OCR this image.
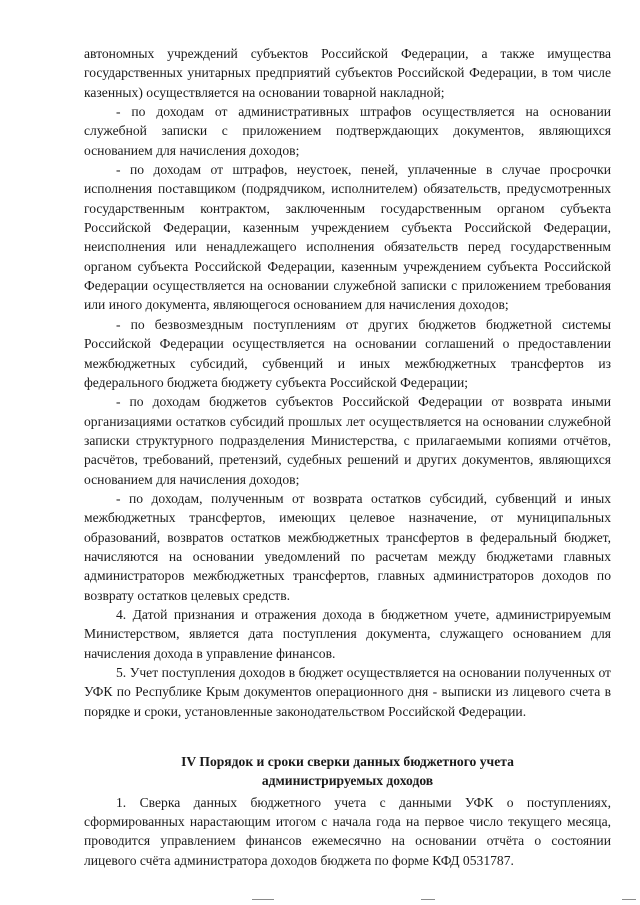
автономных учреждений субъектов Российской Федерации, а также имущества государственных унитарных предприятий субъектов Российской Федерации, в том числе казенных) осуществляется на основании товарной накладной;

- по доходам от административных штрафов осуществляется на основании служебной записки с приложением подтверждающих документов, являющихся основанием для начисления доходов;

- по доходам от штрафов, неустоек, пеней, уплаченные в случае просрочки исполнения поставщиком (подрядчиком, исполнителем) обязательств, предусмотренных государственным контрактом, заключенным государственным органом субъекта Российской Федерации, казенным учреждением субъекта Российской Федерации, неисполнения или ненадлежащего исполнения обязательств перед государственным органом субъекта Российской Федерации, казенным учреждением субъекта Российской Федерации осуществляется на основании служебной записки с приложением требования или иного документа, являющегося основанием для начисления доходов;

- по безвозмездным поступлениям от других бюджетов бюджетной системы Российской Федерации осуществляется на основании соглашений о предоставлении межбюджетных субсидий, субвенций и иных межбюджетных трансфертов из федерального бюджета бюджету субъекта Российской Федерации;

- по доходам бюджетов субъектов Российской Федерации от возврата иными организациями остатков субсидий прошлых лет осуществляется на основании служебной записки структурного подразделения Министерства, с прилагаемыми копиями отчётов, расчётов, требований, претензий, судебных решений и других документов, являющихся основанием для начисления доходов;

- по доходам, полученным от возврата остатков субсидий, субвенций и иных межбюджетных трансфертов, имеющих целевое назначение, от муниципальных образований, возвратов остатков межбюджетных трансфертов в федеральный бюджет, начисляются на основании уведомлений по расчетам между бюджетами главных администраторов межбюджетных трансфертов, главных администраторов доходов по возврату остатков целевых средств.

4. Датой признания и отражения дохода в бюджетном учете, администрируемым Министерством, является дата поступления документа, служащего основанием для начисления дохода в управление финансов.

5. Учет поступления доходов в бюджет осуществляется на основании полученных от УФК по Республике Крым документов операционного дня - выписки из лицевого счета в порядке и сроки, установленные законодательством Российской Федерации.

IV Порядок и сроки сверки данных бюджетного учета
администрируемых доходов

1. Сверка данных бюджетного учета с данными УФК о поступлениях, сформированных нарастающим итогом с начала года на первое число текущего месяца, проводится управлением финансов ежемесячно на основании отчёта о состоянии лицевого счёта администратора доходов бюджета по форме КФД 0531787.
